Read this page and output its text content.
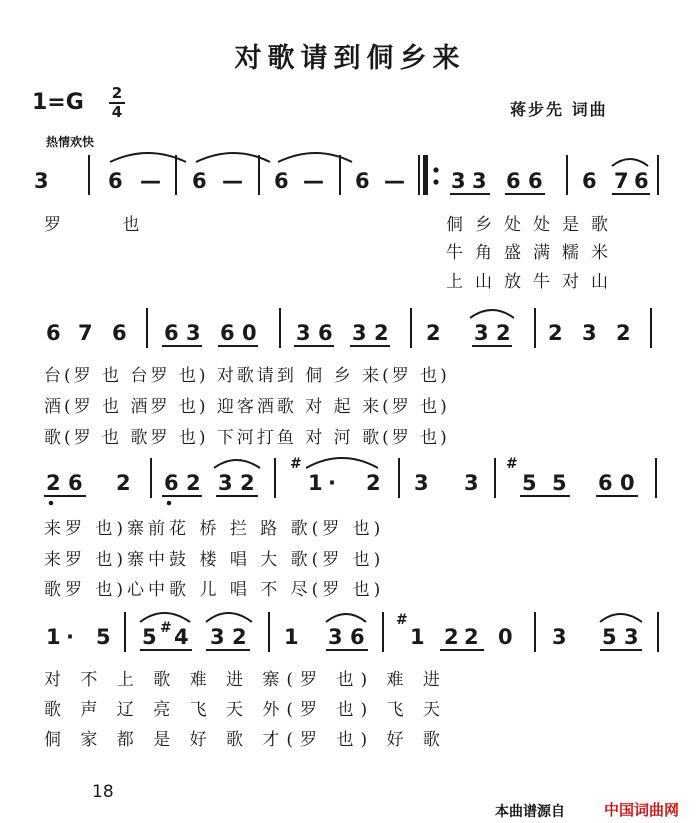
对歌请到侗乡来
1=G	2
4	蒋步先 词曲
热情欢快
3	6 — 6 — 6 — 6 — 3 3 6 6 6 7 6
6 7 6 6 3 6 0 3 6 3 2 2 3 2 2 3 2
2 6 2 6 2 3 2
#
1 · 2 3 3
#
5 5 6 0
1 · 5 5 # 4 3 2 1 3 6
#
1 2 2 0 3 5 3
罗 也	侗乡处处是歌
牛角盛满糯米
上山放牛对山
台(罗 也 台罗 也) 对歌请到 侗 乡 来(罗 也)
酒(罗 也 酒罗 也) 迎客酒歌 对 起 来(罗 也)
歌(罗 也 歌罗 也) 下河打鱼 对 河 歌(罗 也)
来罗 也)寨前花 桥 拦 路 歌(罗 也)
来罗 也)寨中鼓 楼 唱 大 歌(罗 也)
歌罗 也)心中歌 儿 唱 不 尽(罗 也)
对 不 上 歌 难 进 寨(罗 也) 难 进
歌 声 辽 亮 飞 天 外(罗 也) 飞 天
侗 家 都 是 好 歌 才(罗 也) 好 歌
18
本曲谱源自	中国词曲网
